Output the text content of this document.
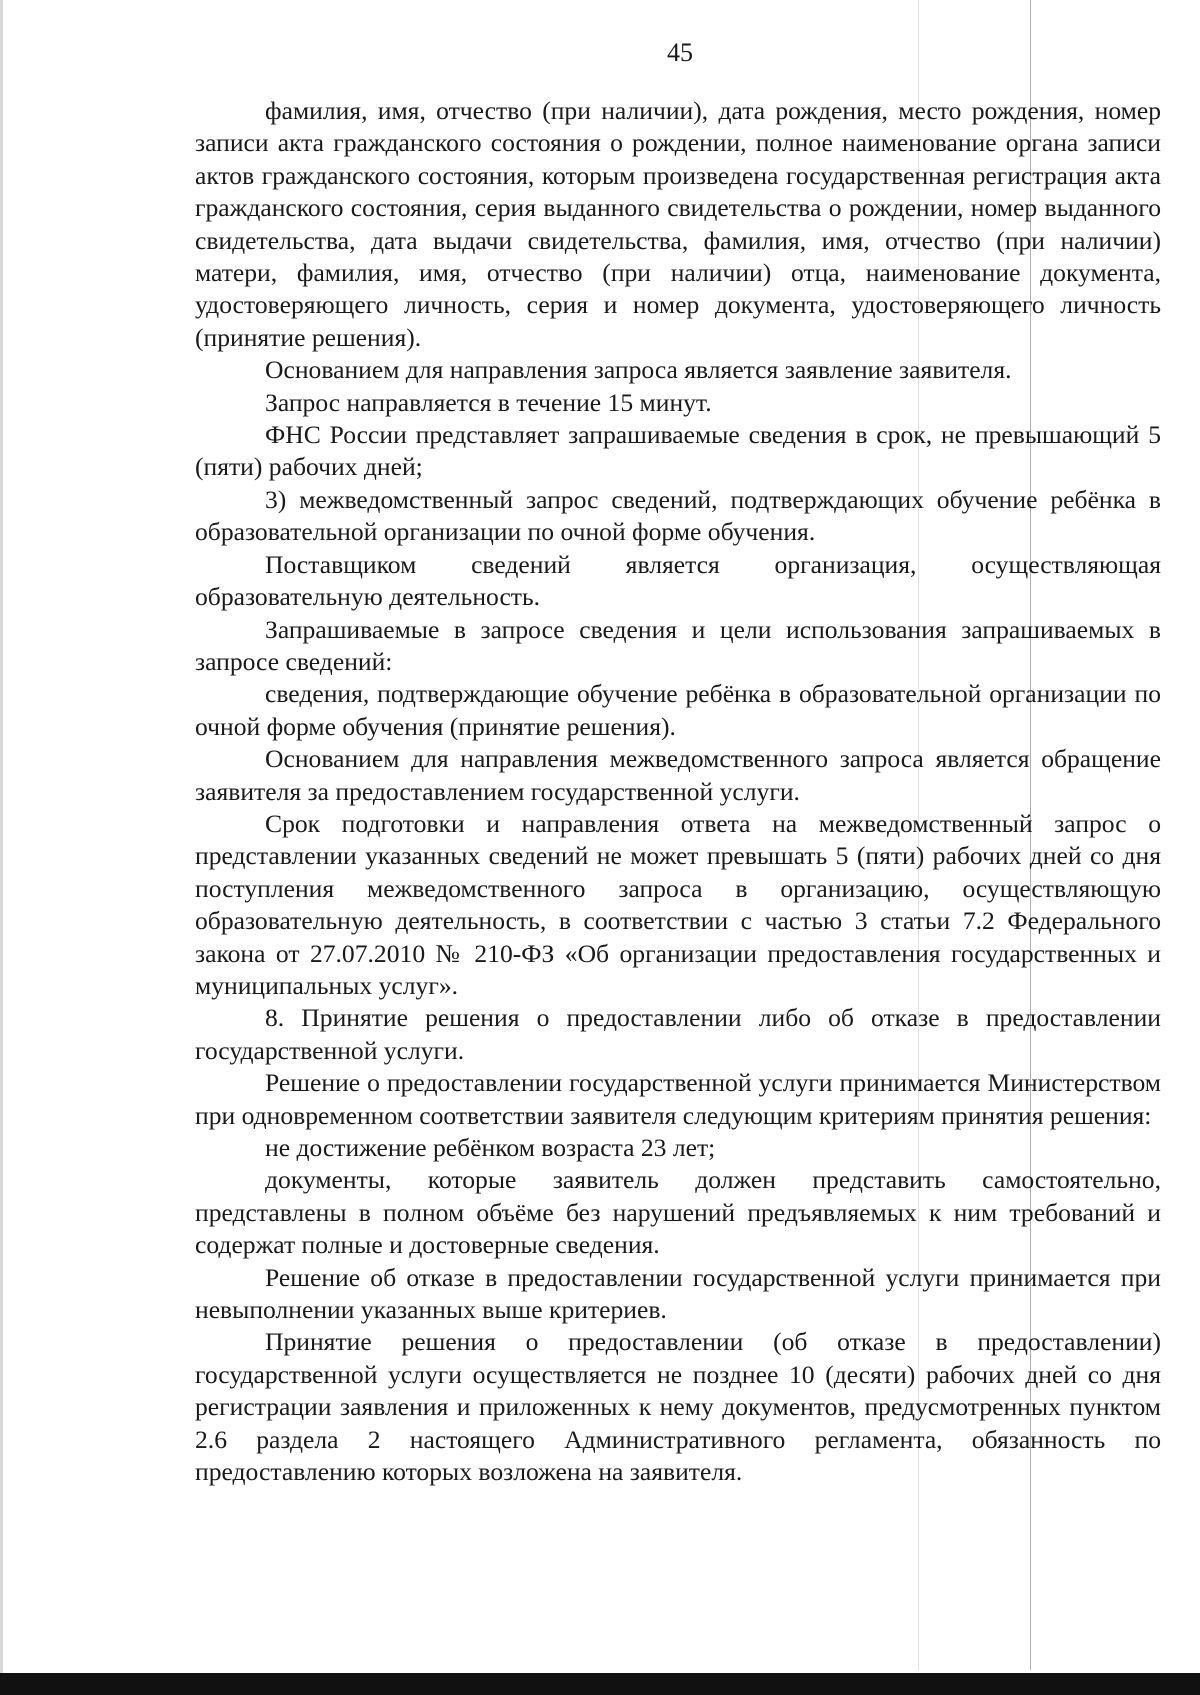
45

фамилия, имя, отчество (при наличии), дата рождения, место рождения, номер записи акта гражданского состояния о рождении, полное наименование органа записи актов гражданского состояния, которым произведена государственная регистрация акта гражданского состояния, серия выданного свидетельства о рождении, номер выданного свидетельства, дата выдачи свидетельства, фамилия, имя, отчество (при наличии) матери, фамилия, имя, отчество (при наличии) отца, наименование документа, удостоверяющего личность, серия и номер документа, удостоверяющего личность (принятие решения).

Основанием для направления запроса является заявление заявителя.

Запрос направляется в течение 15 минут.

ФНС России представляет запрашиваемые сведения в срок, не превышающий 5 (пяти) рабочих дней;

3) межведомственный запрос сведений, подтверждающих обучение ребёнка в образовательной организации по очной форме обучения.

Поставщиком сведений является организация, осуществляющая образовательную деятельность.

Запрашиваемые в запросе сведения и цели использования запрашиваемых в запросе сведений:

сведения, подтверждающие обучение ребёнка в образовательной организации по очной форме обучения (принятие решения).

Основанием для направления межведомственного запроса является обращение заявителя за предоставлением государственной услуги.

Срок подготовки и направления ответа на межведомственный запрос о представлении указанных сведений не может превышать 5 (пяти) рабочих дней со дня поступления межведомственного запроса в организацию, осуществляющую образовательную деятельность, в соответствии с частью 3 статьи 7.2 Федерального закона от 27.07.2010 № 210-ФЗ «Об организации предоставления государственных и муниципальных услуг».

8. Принятие решения о предоставлении либо об отказе в предоставлении государственной услуги.

Решение о предоставлении государственной услуги принимается Министерством при одновременном соответствии заявителя следующим критериям принятия решения:

не достижение ребёнком возраста 23 лет;

документы, которые заявитель должен представить самостоятельно, представлены в полном объёме без нарушений предъявляемых к ним требований и содержат полные и достоверные сведения.

Решение об отказе в предоставлении государственной услуги принимается при невыполнении указанных выше критериев.

Принятие решения о предоставлении (об отказе в предоставлении) государственной услуги осуществляется не позднее 10 (десяти) рабочих дней со дня регистрации заявления и приложенных к нему документов, предусмотренных пунктом 2.6 раздела 2 настоящего Административного регламента, обязанность по предоставлению которых возложена на заявителя.
